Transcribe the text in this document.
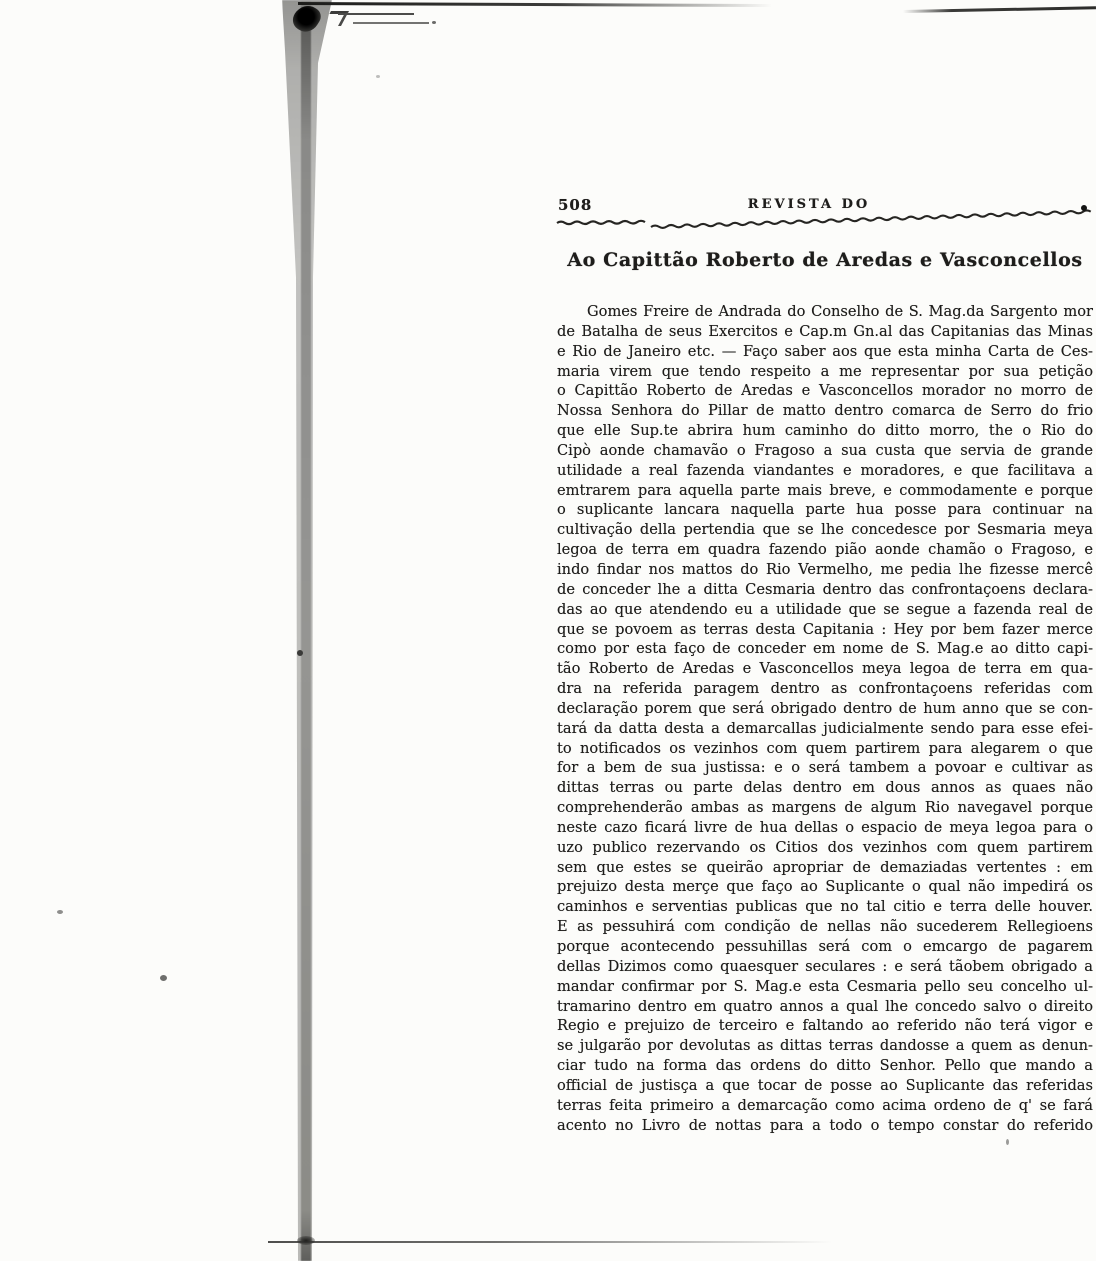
508	REVISTA DO
Ao Capittão Roberto de Aredas e Vasconcellos
Gomes Freire de Andrada do Conselho de S. Mag.da Sargento mor
de Batalha de seus Exercitos e Cap.m Gn.al das Capitanias das Minas
e Rio de Janeiro etc. — Faço saber aos que esta minha Carta de Ces-
maria virem que tendo respeito a me representar por sua petição
o Capittão Roberto de Aredas e Vasconcellos morador no morro de
Nossa Senhora do Pillar de matto dentro comarca de Serro do frio
que elle Sup.te abrira hum caminho do ditto morro, the o Rio do
Cipò aonde chamavão o Fragoso a sua custa que servia de grande
utilidade a real fazenda viandantes e moradores, e que facilitava a
emtrarem para aquella parte mais breve, e commodamente e porque
o suplicante lancara naquella parte hua posse para continuar na
cultivação della pertendia que se lhe concedesce por Sesmaria meya
legoa de terra em quadra fazendo pião aonde chamão o Fragoso, e
indo findar nos mattos do Rio Vermelho, me pedia lhe fizesse mercê
de conceder lhe a ditta Cesmaria dentro das confrontaçoens declara-
das ao que atendendo eu a utilidade que se segue a fazenda real de
que se povoem as terras desta Capitania : Hey por bem fazer merce
como por esta faço de conceder em nome de S. Mag.e ao ditto capi-
tão Roberto de Aredas e Vasconcellos meya legoa de terra em qua-
dra na referida paragem dentro as confrontaçoens referidas com
declaração porem que será obrigado dentro de hum anno que se con-
tará da datta desta a demarcallas judicialmente sendo para esse efei-
to notificados os vezinhos com quem partirem para alegarem o que
for a bem de sua justissa: e o será tambem a povoar e cultivar as
dittas terras ou parte delas dentro em dous annos as quaes não
comprehenderão ambas as margens de algum Rio navegavel porque
neste cazo ficará livre de hua dellas o espacio de meya legoa para o
uzo publico rezervando os Citios dos vezinhos com quem partirem
sem que estes se queirão apropriar de demaziadas vertentes : em
prejuizo desta merçe que faço ao Suplicante o qual não impedirá os
caminhos e serventias publicas que no tal citio e terra delle houver.
E as pessuhirá com condição de nellas não sucederem Rellegioens
porque acontecendo pessuhillas será com o emcargo de pagarem
dellas Dizimos como quaesquer seculares : e será tãobem obrigado a
mandar confirmar por S. Mag.e esta Cesmaria pello seu concelho ul-
tramarino dentro em quatro annos a qual lhe concedo salvo o direito
Regio e prejuizo de terceiro e faltando ao referido não terá vigor e
se julgarão por devolutas as dittas terras dandosse a quem as denun-
ciar tudo na forma das ordens do ditto Senhor. Pello que mando a
official de justisça a que tocar de posse ao Suplicante das referidas
terras feita primeiro a demarcação como acima ordeno de q' se fará
acento no Livro de nottas para a todo o tempo constar do referido
